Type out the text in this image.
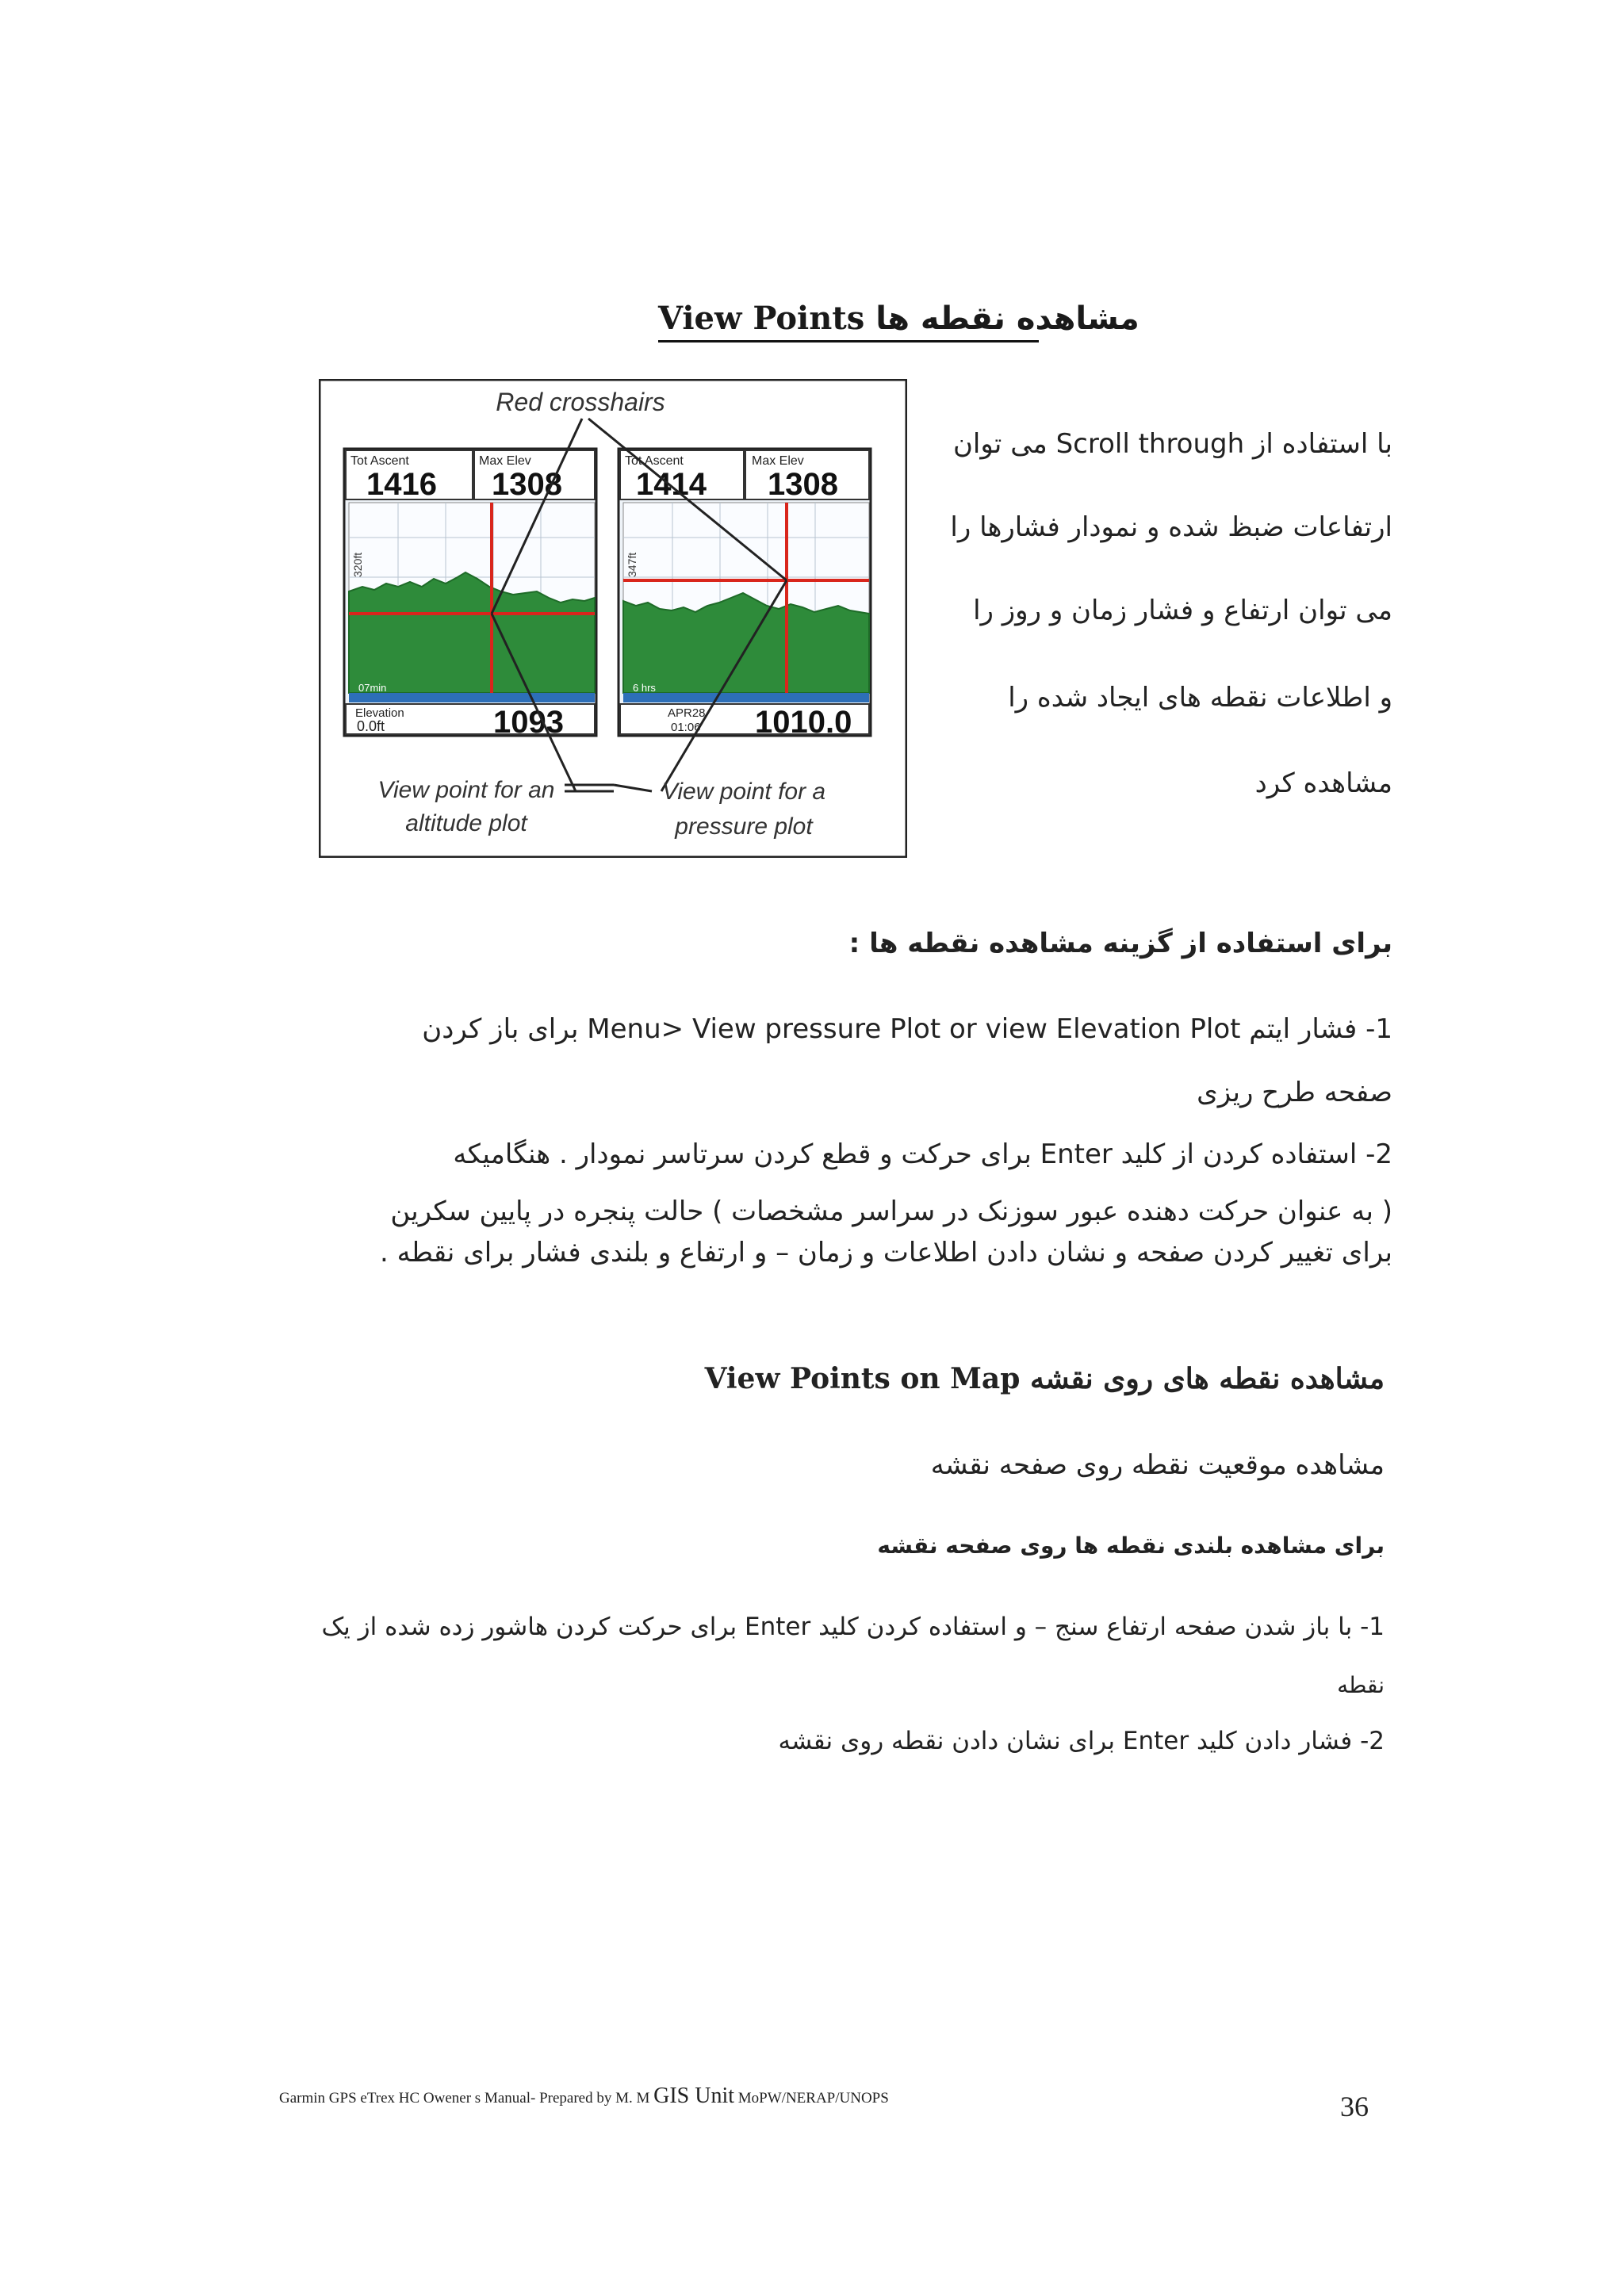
View Points مشاهده نقطه ها
Red crosshairs
Tot Ascent
1416
Max Elev
1308
320ft
07min
Elevation
0.0ft	1093
Tot Ascent
1414
Max Elev
1308
347ft
6 hrs
APR28
01:06 1010.0
View point for an
altitude plot
View point for a
pressure plot
با استفاده از Scroll through می توان
ارتفاعات ضبظ شده و نمودار فشارها را
می توان ارتفاع و فشار زمان و روز را
و اطلاعات نقطه های ایجاد شده را
مشاهده کرد
برای استفاده از گزینه مشاهده نقطه ها :
1- فشار ایتم Menu> View pressure Plot or view Elevation Plot برای باز کردن
صفحه طرح ریزی
2- استفاده کردن از کلید Enter برای حرکت و قطع کردن سرتاسر نمودار . هنگامیکه
( به عنوان حرکت دهنده عبور سوزنک در سراسر مشخصات ) حالت پنجره در پایین سکرین
برای تغییر کردن صفحه و نشان دادن اطلاعات و زمان – و ارتفاع و بلندی فشار برای نقطه .
مشاهده نقطه های روی نقشه View Points on Map
مشاهده موقعیت نقطه روی صفحه نقشه
برای مشاهده بلندی نقطه ها روی صفحه نقشه
1- با باز شدن صفحه ارتفاع سنج – و استفاده کردن کلید Enter برای حرکت کردن هاشور زده شده از یک
نقطه
2- فشار دادن کلید Enter برای نشان دادن نقطه روی نقشه
Garmin GPS eTrex HC Owener s Manual- Prepared by M. M GIS Unit MoPW/NERAP/UNOPS	36
